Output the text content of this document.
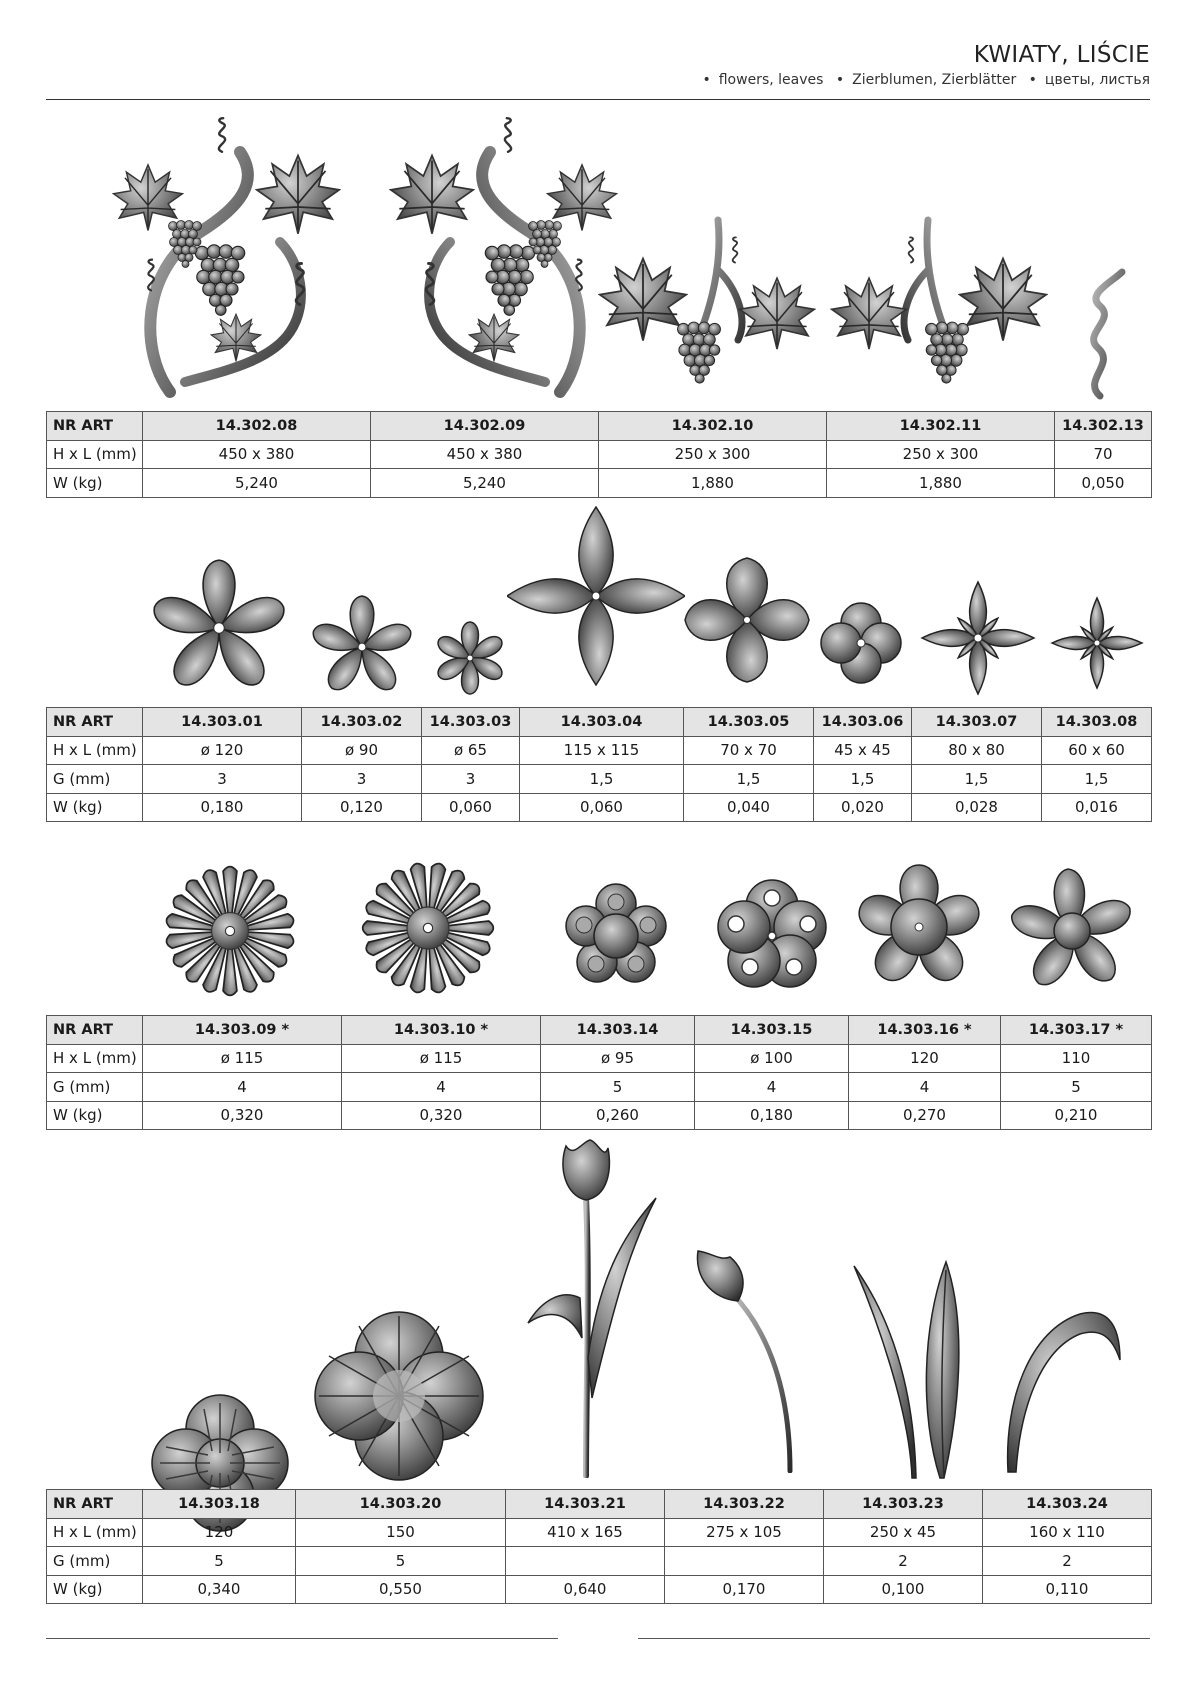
KWIATY, LIŚCIE
• flowers, leaves • Zierblumen, Zierblätter • цветы, листья
NR ART	14.302.08	14.302.09	14.302.10	14.302.11	14.302.13
H x L (mm)	450 x 380	450 x 380	250 x 300	250 x 300	70
W (kg)	5,240	5,240	1,880	1,880	0,050
NR ART	14.303.01	14.303.02	14.303.03	14.303.04	14.303.05	14.303.06	14.303.07	14.303.08
H x L (mm)	ø 120	ø 90	ø 65	115 x 115	70 x 70	45 x 45	80 x 80	60 x 60
G (mm)	3	3	3	1,5	1,5	1,5	1,5	1,5
W (kg)	0,180	0,120	0,060	0,060	0,040	0,020	0,028	0,016
NR ART	14.303.09 *	14.303.10 *	14.303.14	14.303.15	14.303.16 *	14.303.17 *
H x L (mm)	ø 115	ø 115	ø 95	ø 100	120	110
G (mm)	4	4	5	4	4	5
W (kg)	0,320	0,320	0,260	0,180	0,270	0,210
NR ART	14.303.18	14.303.20	14.303.21	14.303.22	14.303.23	14.303.24
H x L (mm)	120	150	410 x 165	275 x 105	250 x 45	160 x 110
G (mm)	5	5			2	2
W (kg)	0,340	0,550	0,640	0,170	0,100	0,110
